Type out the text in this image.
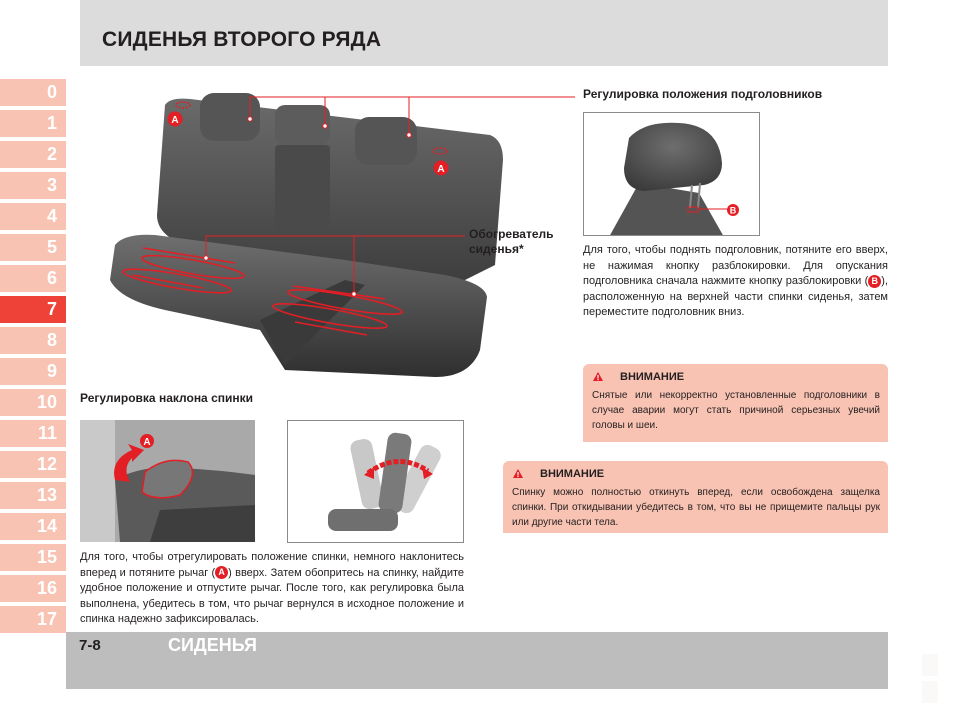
СИДЕНЬЯ ВТОРОГО РЯДА
0
1
2
3
4
5
6
7
8
9
10
11
12
13
14
15
16
17
A
A
Обогреватель
сиденья*
Регулировка положения подголовников
B
Для того, чтобы поднять подголовник, потяните его вверх, не нажимая кнопку разблокировки. Для опускания подголовника сначала нажмите кнопку разблокировки ( B ), расположенную на верхней части спинки сиденья, затем переместите подголовник вниз.
ВНИМАНИЕ
Снятые или некорректно установленные подголовники в случае аварии могут стать причиной серьезных увечий головы и шеи.
ВНИМАНИЕ
Спинку можно полностью откинуть вперед, если освобождена защелка спинки. При откидывании убедитесь в том, что вы не прищемите пальцы рук или другие части тела.
Регулировка наклона спинки
A
Для того, чтобы отрегулировать положение спинки, немного наклонитесь вперед и потяните рычаг ( A ) вверх. Затем обопритесь на спинку, найдите удобное положение и отпустите рычаг. После того, как регулировка была выполнена, убедитесь в том, что рычаг вернулся в исходное положение и спинка надежно зафиксировалась.
7-8	СИДЕНЬЯ
